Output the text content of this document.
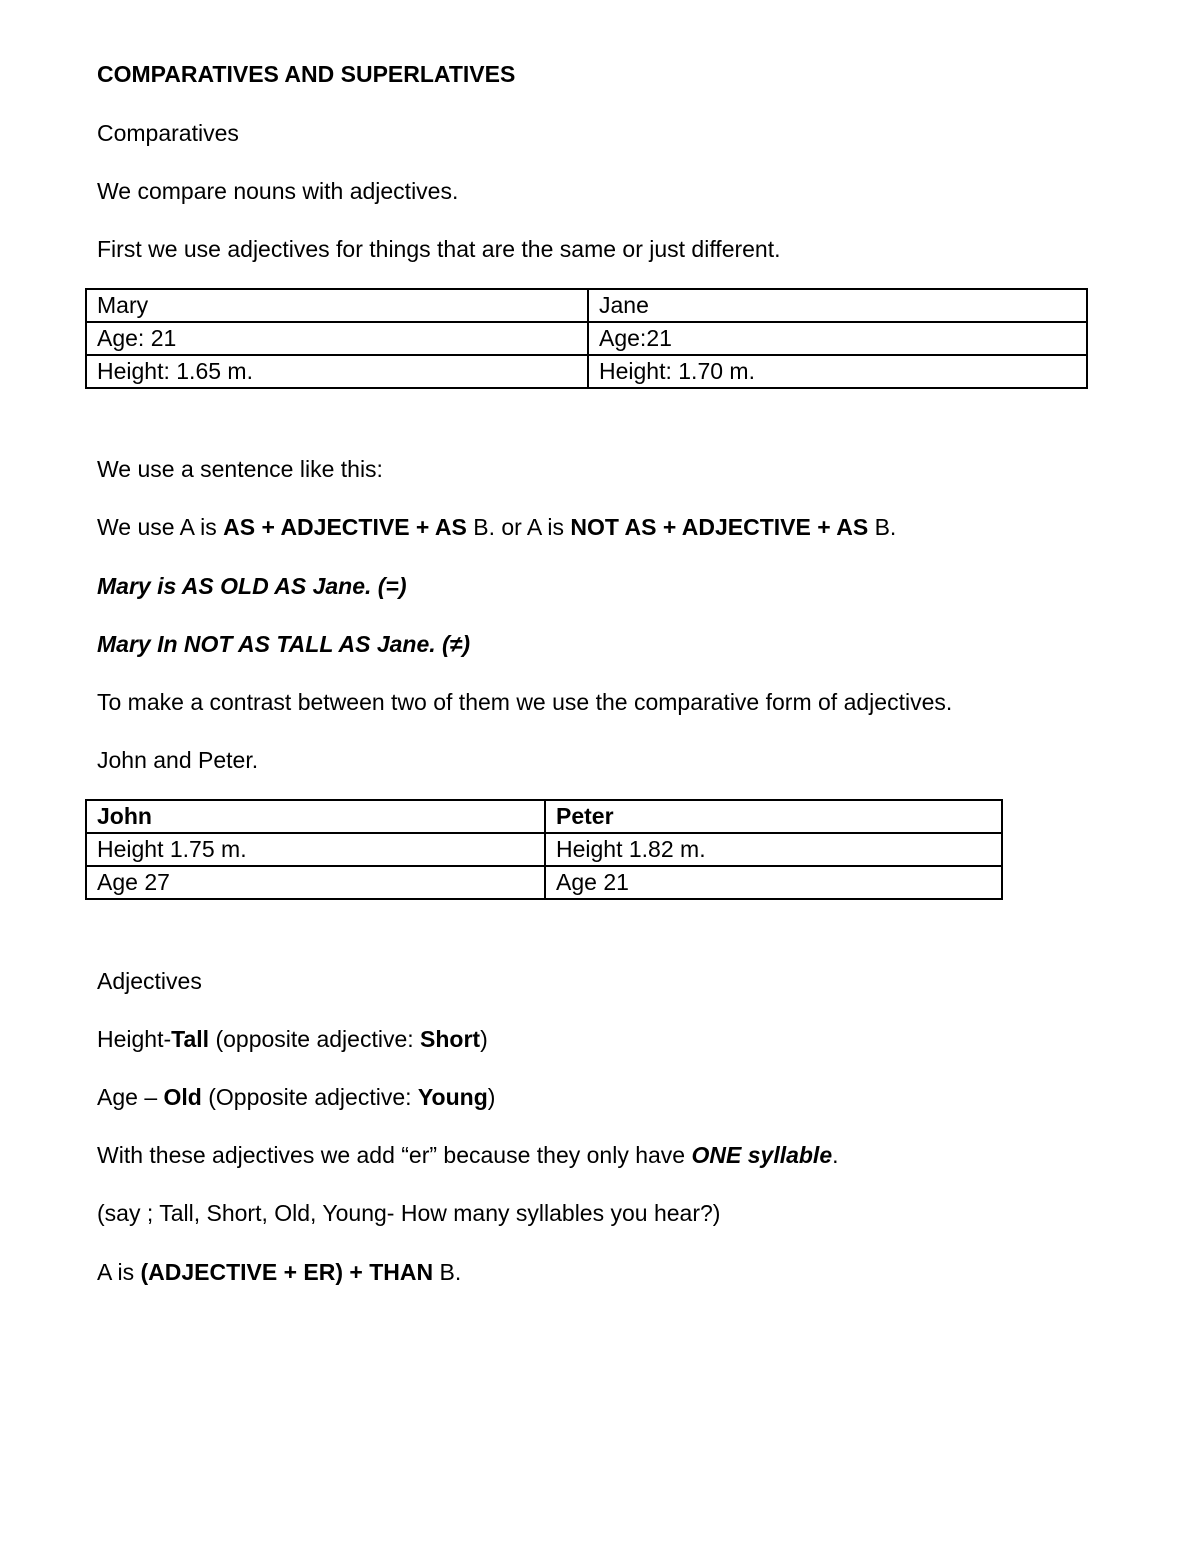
COMPARATIVES AND SUPERLATIVES
Comparatives
We compare nouns with adjectives.
First we use adjectives for things that are the same or just different.
Mary	Jane
Age: 21	Age:21
Height: 1.65 m.	Height: 1.70 m.
We use a sentence like this:
We use A is AS + ADJECTIVE + AS B. or A is NOT AS + ADJECTIVE + AS B.
Mary is AS OLD AS Jane. (=)
Mary In NOT AS TALL AS Jane. (≠)
To make a contrast between two of them we use the comparative form of adjectives.
John and Peter.
John	Peter
Height 1.75 m.	Height 1.82 m.
Age 27	Age 21
Adjectives
Height-Tall (opposite adjective: Short)
Age – Old (Opposite adjective: Young)
With these adjectives we add “er” because they only have ONE syllable.
(say ; Tall, Short, Old, Young- How many syllables you hear?)
A is (ADJECTIVE + ER) + THAN B.
